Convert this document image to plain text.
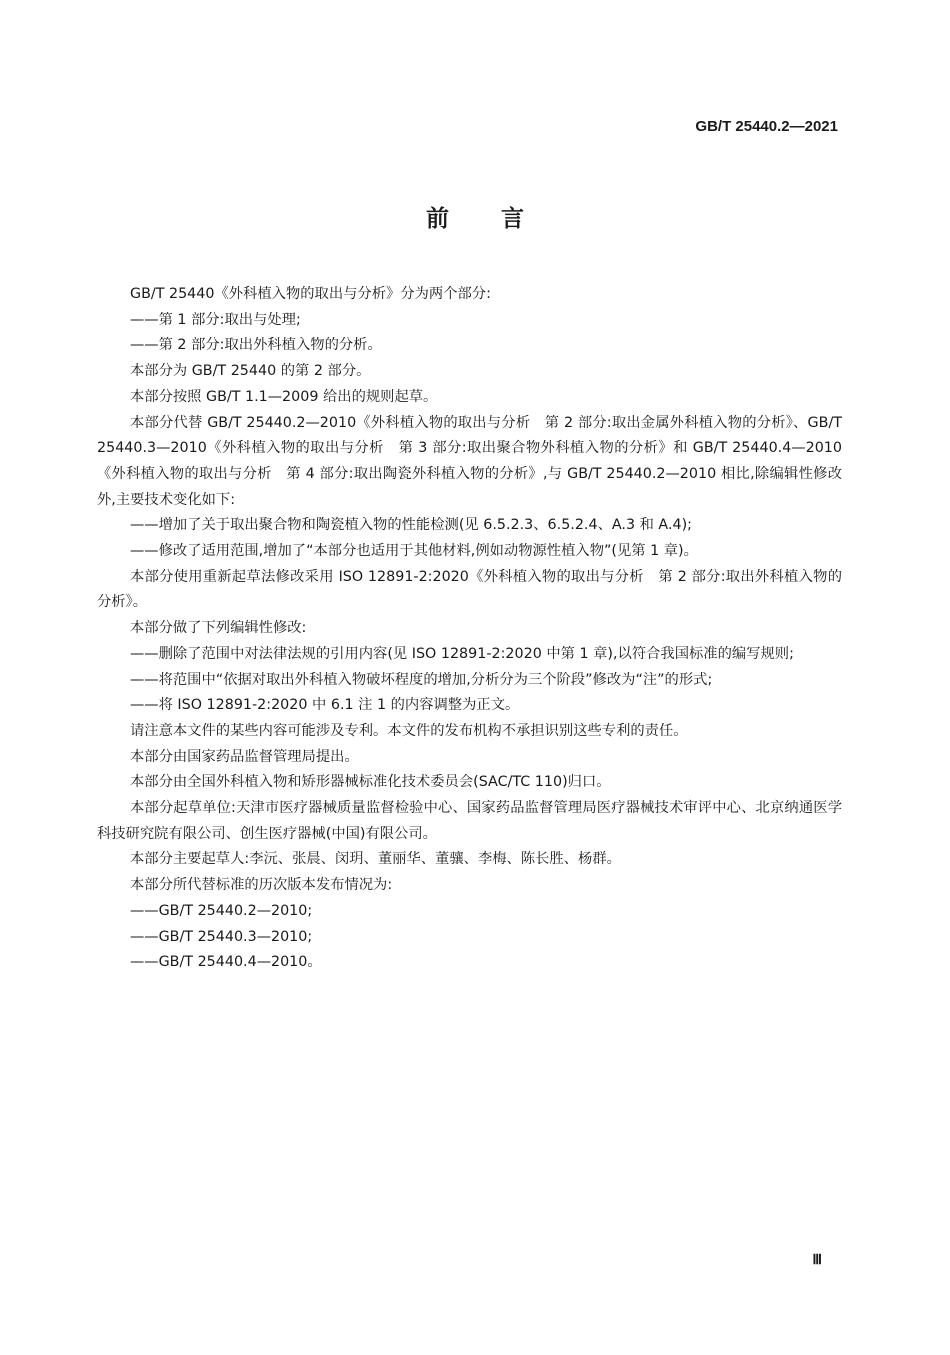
GB/T 25440.2—2021
前言

GB/T 25440《外科植入物的取出与分析》分为两个部分:

——第 1 部分:取出与处理;

——第 2 部分:取出外科植入物的分析。

本部分为 GB/T 25440 的第 2 部分。

本部分按照 GB/T 1.1—2009 给出的规则起草。

本部分代替 GB/T 25440.2—2010《外科植入物的取出与分析　第 2 部分:取出金属外科植入物的分析》、GB/T 25440.3—2010《外科植入物的取出与分析　第 3 部分:取出聚合物外科植入物的分析》和 GB/T 25440.4—2010《外科植入物的取出与分析　第 4 部分:取出陶瓷外科植入物的分析》,与 GB/T 25440.2—2010 相比,除编辑性修改外,主要技术变化如下:

——增加了关于取出聚合物和陶瓷植入物的性能检测(见 6.5.2.3、6.5.2.4、A.3 和 A.4);

——修改了适用范围,增加了“本部分也适用于其他材料,例如动物源性植入物”(见第 1 章)。

本部分使用重新起草法修改采用 ISO 12891-2:2020《外科植入物的取出与分析　第 2 部分:取出外科植入物的分析》。

本部分做了下列编辑性修改:

——删除了范围中对法律法规的引用内容(见 ISO 12891-2:2020 中第 1 章),以符合我国标准的编写规则;

——将范围中“依据对取出外科植入物破坏程度的增加,分析分为三个阶段”修改为“注”的形式;

——将 ISO 12891-2:2020 中 6.1 注 1 的内容调整为正文。

请注意本文件的某些内容可能涉及专利。本文件的发布机构不承担识别这些专利的责任。

本部分由国家药品监督管理局提出。

本部分由全国外科植入物和矫形器械标准化技术委员会(SAC/TC 110)归口。

本部分起草单位:天津市医疗器械质量监督检验中心、国家药品监督管理局医疗器械技术审评中心、北京纳通医学科技研究院有限公司、创生医疗器械(中国)有限公司。

本部分主要起草人:李沅、张晨、闵玥、董丽华、董骧、李梅、陈长胜、杨群。

本部分所代替标准的历次版本发布情况为:

——GB/T 25440.2—2010;

——GB/T 25440.3—2010;

——GB/T 25440.4—2010。

Ⅲ
